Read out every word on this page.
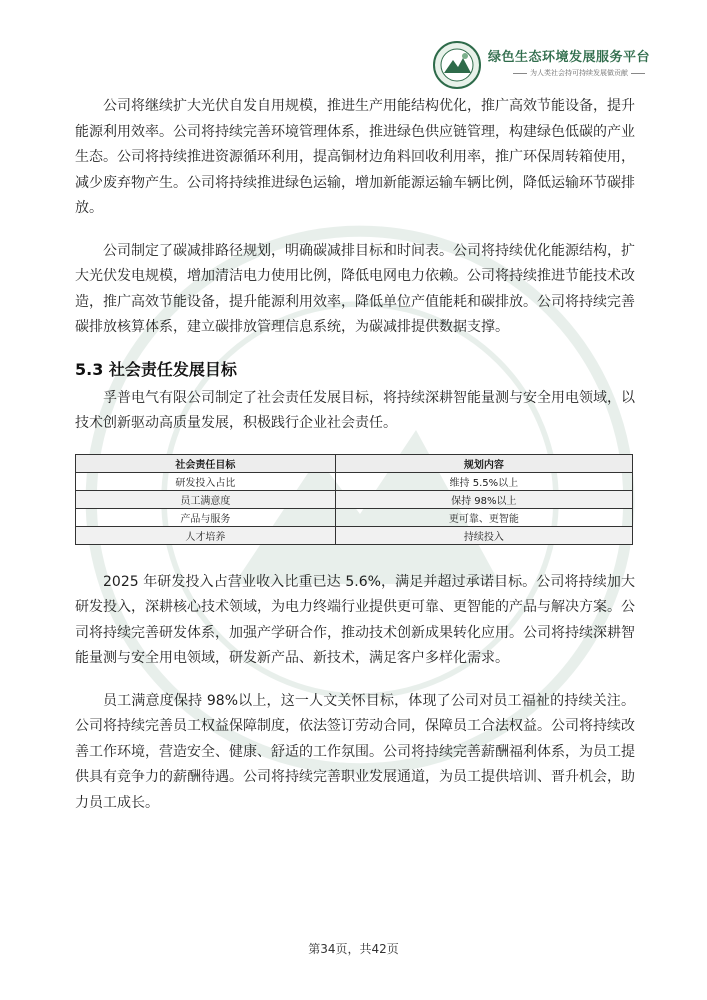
绿色生态环境发展服务平台
为人类社会持可持续发展做贡献

公司将继续扩大光伏自发自用规模，推进生产用能结构优化，推广高效节能设备，提升能源利用效率。公司将持续完善环境管理体系，推进绿色供应链管理，构建绿色低碳的产业生态。公司将持续推进资源循环利用，提高铜材边角料回收利用率，推广环保周转箱使用，减少废弃物产生。公司将持续推进绿色运输，增加新能源运输车辆比例，降低运输环节碳排放。

公司制定了碳减排路径规划，明确碳减排目标和时间表。公司将持续优化能源结构，扩大光伏发电规模，增加清洁电力使用比例，降低电网电力依赖。公司将持续推进节能技术改造，推广高效节能设备，提升能源利用效率，降低单位产值能耗和碳排放。公司将持续完善碳排放核算体系，建立碳排放管理信息系统，为碳减排提供数据支撑。

5.3 社会责任发展目标

孚普电气有限公司制定了社会责任发展目标，将持续深耕智能量测与安全用电领域，以技术创新驱动高质量发展，积极践行企业社会责任。

社会责任目标	规划内容
研发投入占比	维持 5.5%以上
员工满意度	保持 98%以上
产品与服务	更可靠、更智能
人才培养	持续投入

2025 年研发投入占营业收入比重已达 5.6%，满足并超过承诺目标。公司将持续加大研发投入，深耕核心技术领域，为电力终端行业提供更可靠、更智能的产品与解决方案。公司将持续完善研发体系，加强产学研合作，推动技术创新成果转化应用。公司将持续深耕智能量测与安全用电领域，研发新产品、新技术，满足客户多样化需求。

员工满意度保持 98%以上，这一人文关怀目标，体现了公司对员工福祉的持续关注。公司将持续完善员工权益保障制度，依法签订劳动合同，保障员工合法权益。公司将持续改善工作环境，营造安全、健康、舒适的工作氛围。公司将持续完善薪酬福利体系，为员工提供具有竞争力的薪酬待遇。公司将持续完善职业发展通道，为员工提供培训、晋升机会，助力员工成长。

第34页，共42页
